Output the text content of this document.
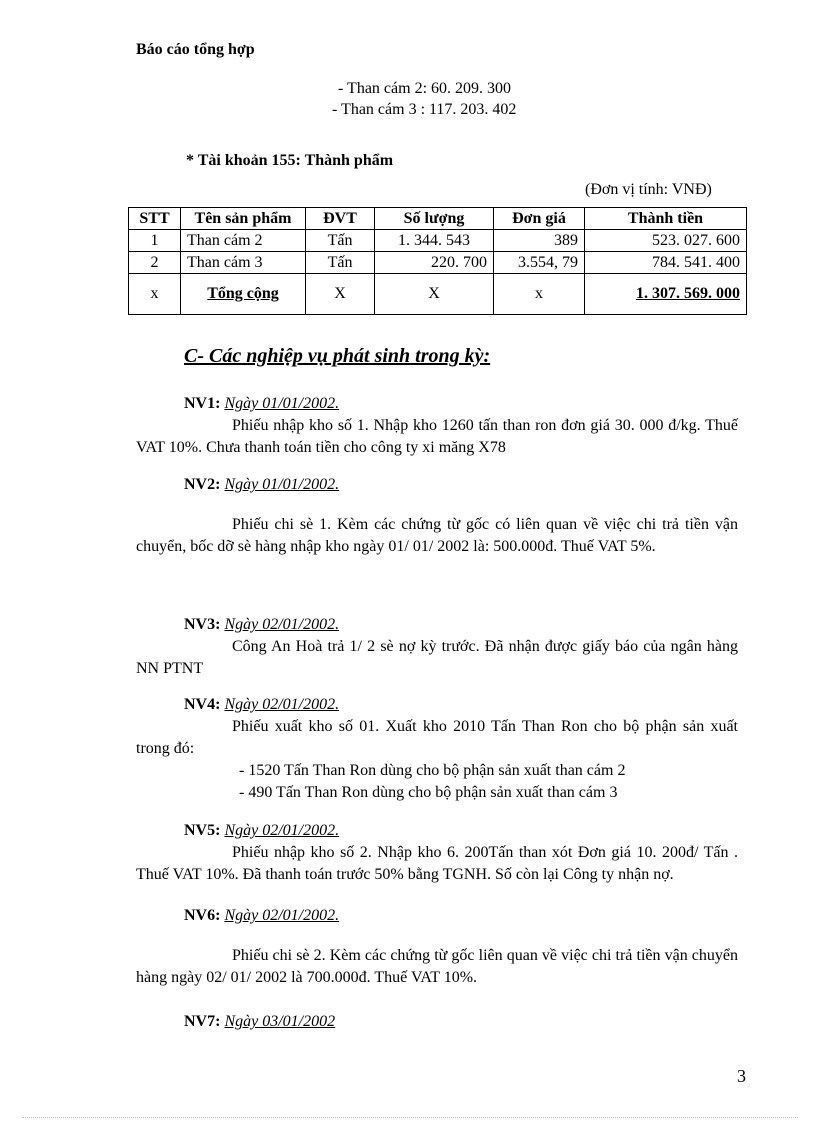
Báo cáo tổng hợp
- Than cám 2: 60. 209. 300
- Than cám 3 : 117. 203. 402
* Tài khoản 155: Thành phẩm
(Đơn vị tính: VNĐ)
STT	Tên sản phẩm	ĐVT	Số lượng	Đơn giá	Thành tiền
1	Than cám 2	Tấn	1. 344. 543	389	523. 027. 600
2	Than cám 3	Tấn	220. 700	3.554, 79	784. 541. 400
x	Tổng cộng	X	X	x	1. 307. 569. 000
C- Các nghiệp vụ phát sinh trong kỳ:
NV1: Ngày 01/01/2002.
Phiếu nhập kho số 1. Nhập kho 1260 tấn than ron đơn giá 30. 000 đ/kg. Thuế VAT 10%. Chưa thanh toán tiền cho công ty xi măng X78
NV2: Ngày 01/01/2002.
Phiếu chi sè 1. Kèm các chứng từ gốc có liên quan về việc chi trả tiền vận chuyển, bốc dỡ sè hàng nhập kho ngày 01/ 01/ 2002 là: 500.000đ. Thuế VAT 5%.
NV3: Ngày 02/01/2002.
Công An Hoà trả 1/ 2 sè nợ kỳ trước. Đã nhận được giấy báo của ngân hàng NN PTNT
NV4: Ngày 02/01/2002.
Phiếu xuất kho số 01. Xuất kho 2010 Tấn Than Ron cho bộ phận sản xuất trong đó:
- 1520 Tấn Than Ron dùng cho bộ phận sản xuất than cám 2
- 490 Tấn Than Ron dùng cho bộ phận sản xuất than cám 3
NV5: Ngày 02/01/2002.
Phiếu nhập kho số 2. Nhập kho 6. 200Tấn than xót Đơn giá 10. 200đ/ Tấn . Thuế VAT 10%. Đã thanh toán trước 50% bằng TGNH. Số còn lại Công ty nhận nợ.
NV6: Ngày 02/01/2002.
Phiếu chi sè 2. Kèm các chứng từ gốc liên quan về việc chi trả tiền vận chuyển hàng ngày 02/ 01/ 2002 là 700.000đ. Thuế VAT 10%.
NV7: Ngày 03/01/2002
3
